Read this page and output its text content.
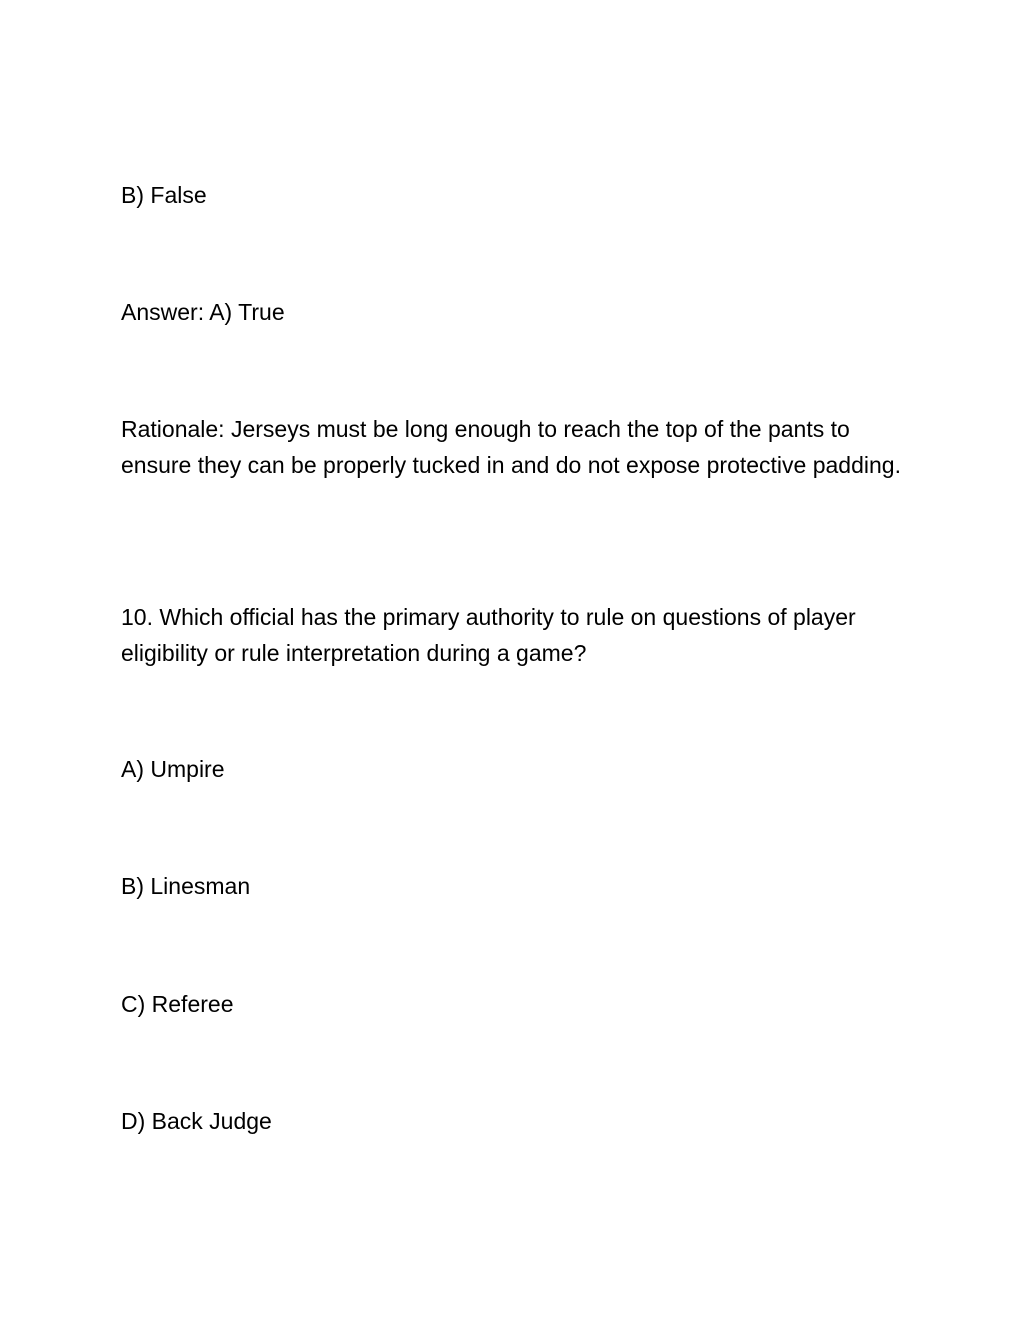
B) False
Answer: A) True
Rationale: Jerseys must be long enough to reach the top of the pants to ensure they can be properly tucked in and do not expose protective padding.
10. Which official has the primary authority to rule on questions of player eligibility or rule interpretation during a game?
A) Umpire
B) Linesman
C) Referee
D) Back Judge
